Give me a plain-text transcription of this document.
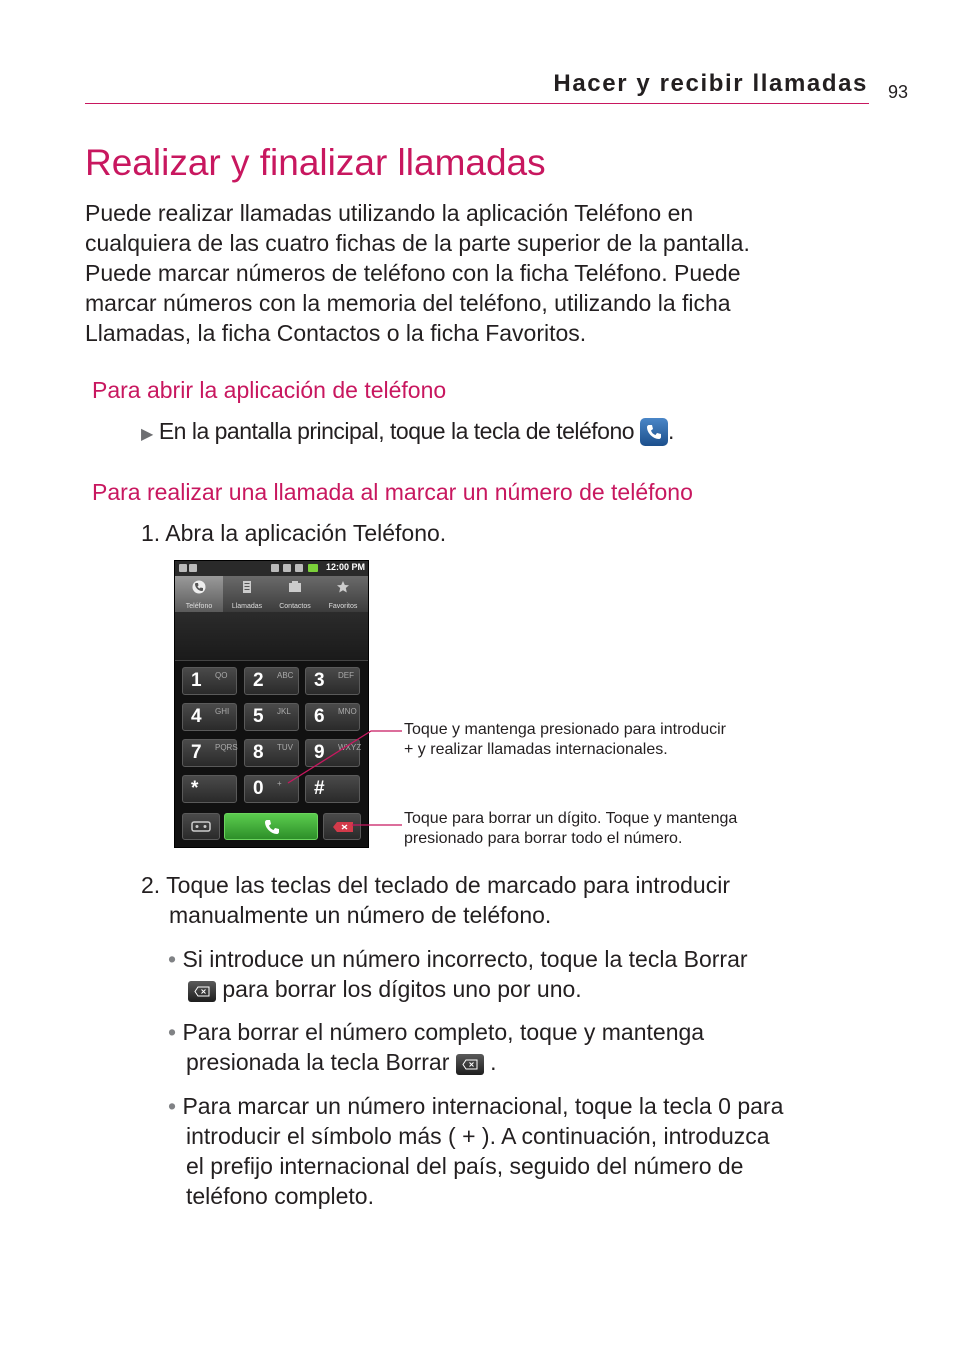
Hacer y recibir llamadas 93
Realizar y finalizar llamadas

Puede realizar llamadas utilizando la aplicación Teléfono en

cualquiera de las cuatro fichas de la parte superior de la pantalla.

Puede marcar números de teléfono con la ficha Teléfono. Puede

marcar números con la memoria del teléfono, utilizando la ficha

Llamadas, la ficha Contactos o la ficha Favoritos.

Para abrir la aplicación de teléfono
▶ En la pantalla principal, toque la tecla de teléfono .
Para realizar una llamada al marcar un número de teléfono
1. Abra la aplicación Teléfono.
12:00 PM
Teléfono	Llamadas	Contactos	Favoritos
1 QO 2 ABC 3 DEF
4 GHI 5 JKL 6 MNO
7 PQRS 8 TUV 9 WXYZ
*	0 + #

Toque y mantenga presionado para introducir

+ y realizar llamadas internacionales.

Toque para borrar un dígito. Toque y mantenga

presionado para borrar todo el número.

2. Toque las teclas del teclado de marcado para introducir

manualmente un número de teléfono.

• Si introduce un número incorrecto, toque la tecla Borrar

para borrar los dígitos uno por uno.

• Para borrar el número completo, toque y mantenga

presionada la tecla Borrar .

• Para marcar un número internacional, toque la tecla 0 para

introducir el símbolo más ( + ). A continuación, introduzca

el prefijo internacional del país, seguido del número de

teléfono completo.
